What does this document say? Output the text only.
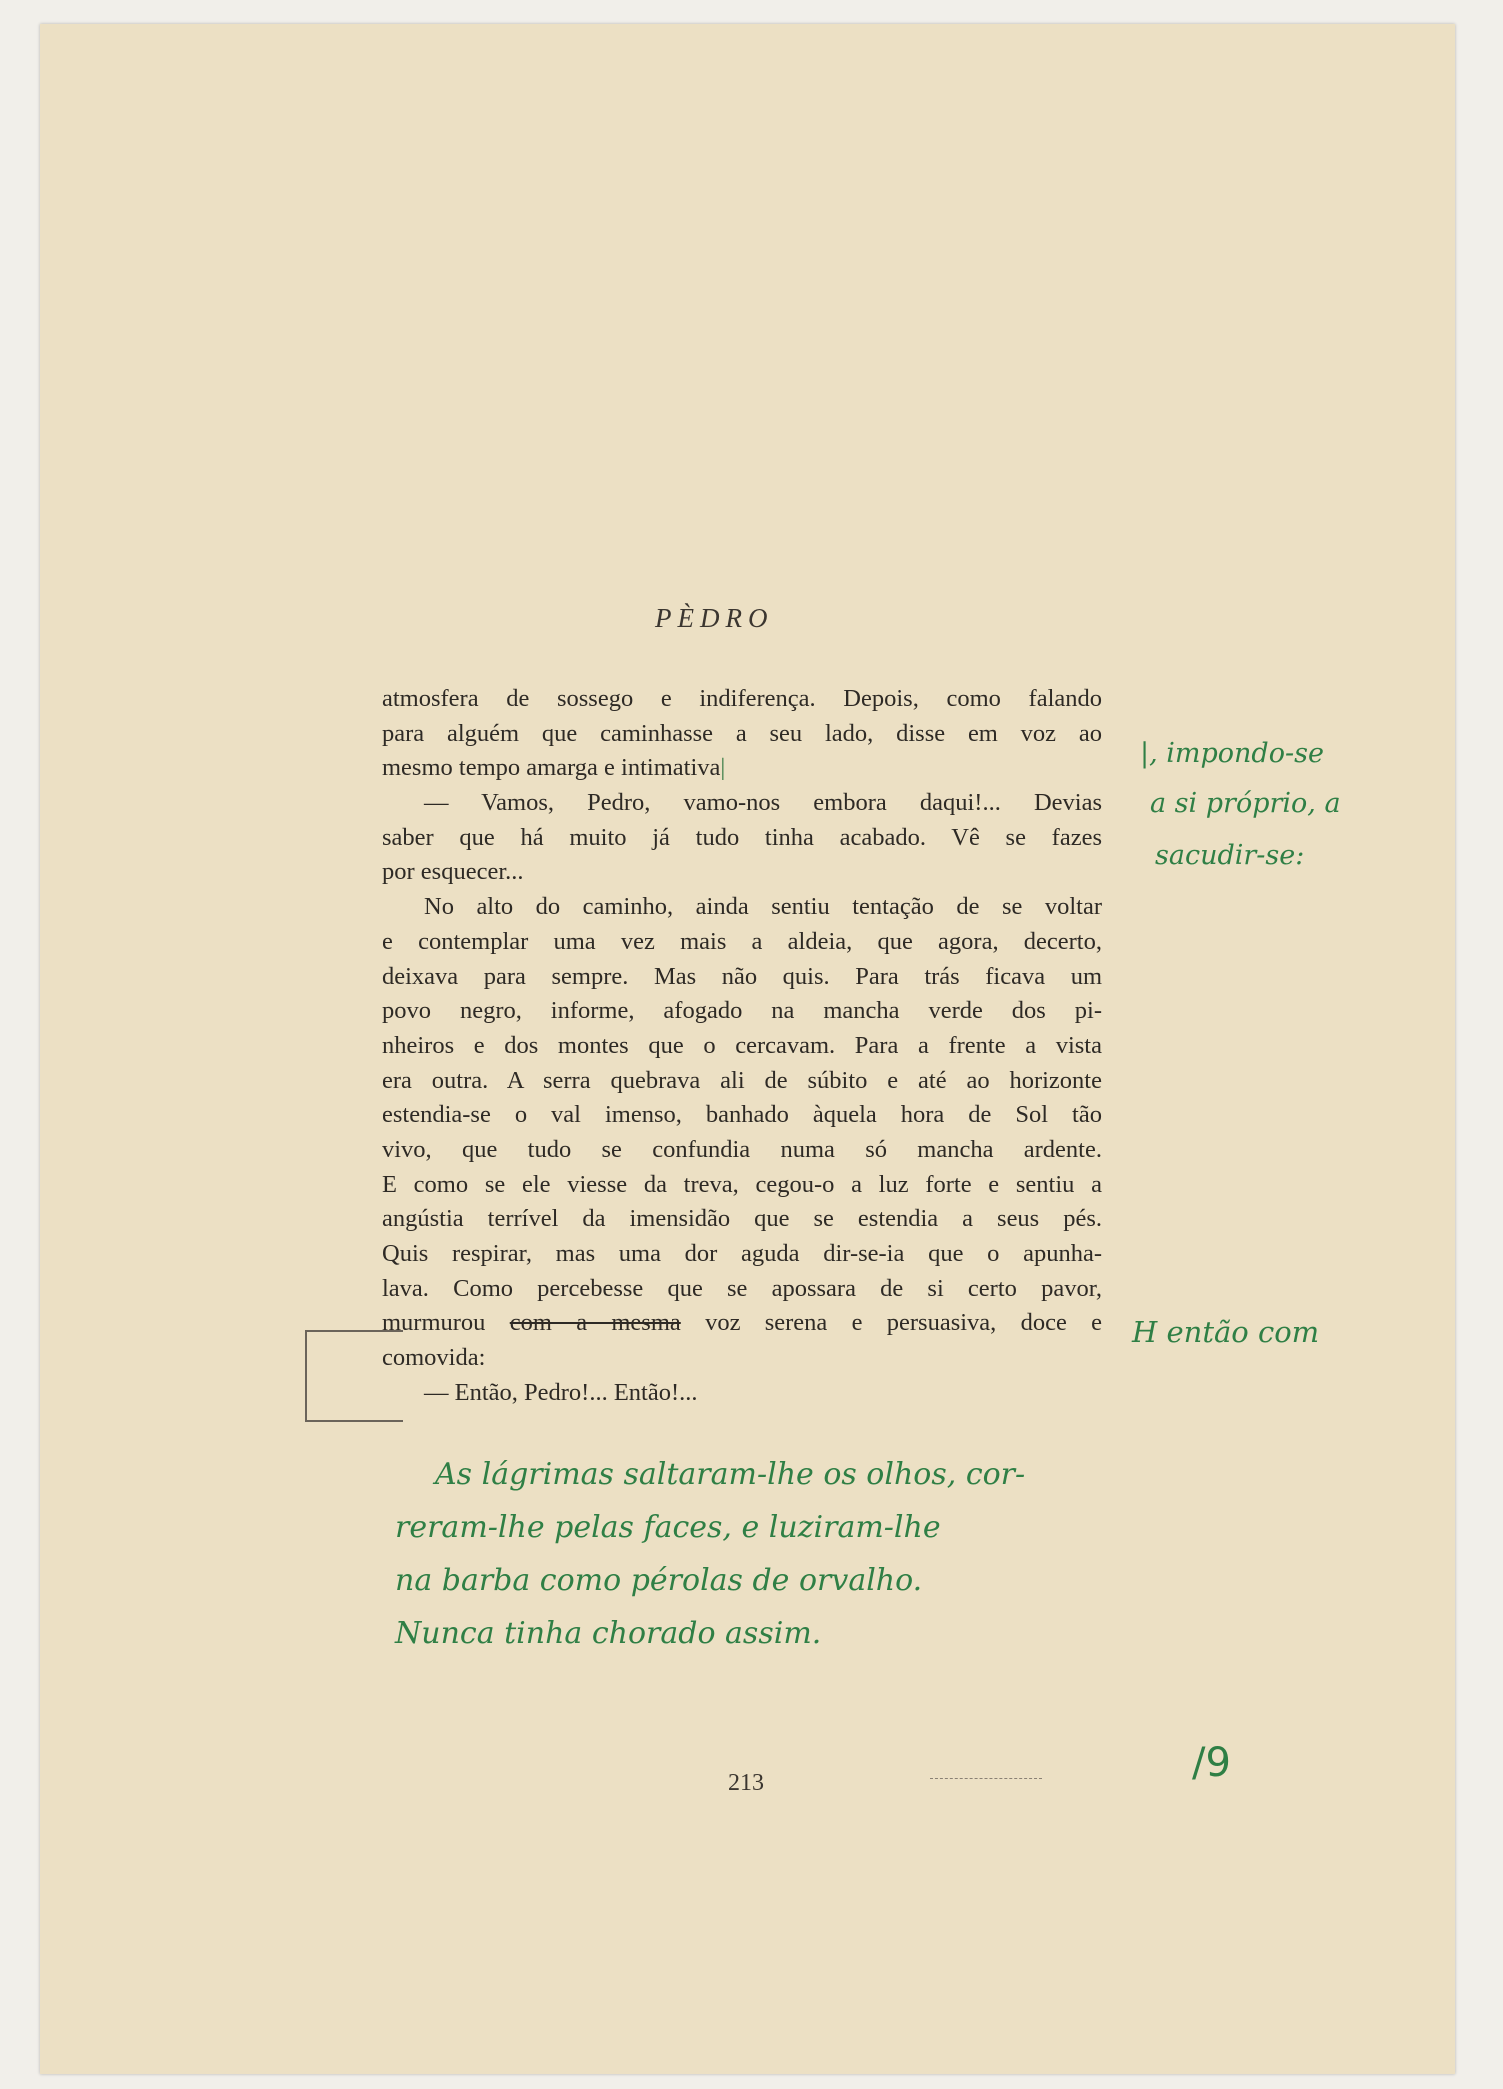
PÈDRO
atmosfera de sossego e indiferença. Depois, como falando
para alguém que caminhasse a seu lado, disse em voz ao
mesmo tempo amarga e intimativa|
— Vamos, Pedro, vamo-nos embora daqui!... Devias
saber que há muito já tudo tinha acabado. Vê se fazes
por esquecer...
No alto do caminho, ainda sentiu tentação de se voltar
e contemplar uma vez mais a aldeia, que agora, decerto,
deixava para sempre. Mas não quis. Para trás ficava um
povo negro, informe, afogado na mancha verde dos pi-
nheiros e dos montes que o cercavam. Para a frente a vista
era outra. A serra quebrava ali de súbito e até ao horizonte
estendia-se o val imenso, banhado àquela hora de Sol tão
vivo, que tudo se confundia numa só mancha ardente.
E como se ele viesse da treva, cegou-o a luz forte e sentiu a
angústia terrível da imensidão que se estendia a seus pés.
Quis respirar, mas uma dor aguda dir-se-ia que o apunha-
lava. Como percebesse que se apossara de si certo pavor,
murmurou com a mesma voz serena e persuasiva, doce e
comovida:
— Então, Pedro!... Então!...
|, impondo-se
a si próprio, a
sacudir-se:
H então com
As lágrimas saltaram-lhe os olhos, cor-
reram-lhe pelas faces, e luziram-lhe
na barba como pérolas de orvalho.
Nunca tinha chorado assim.
213	/9
